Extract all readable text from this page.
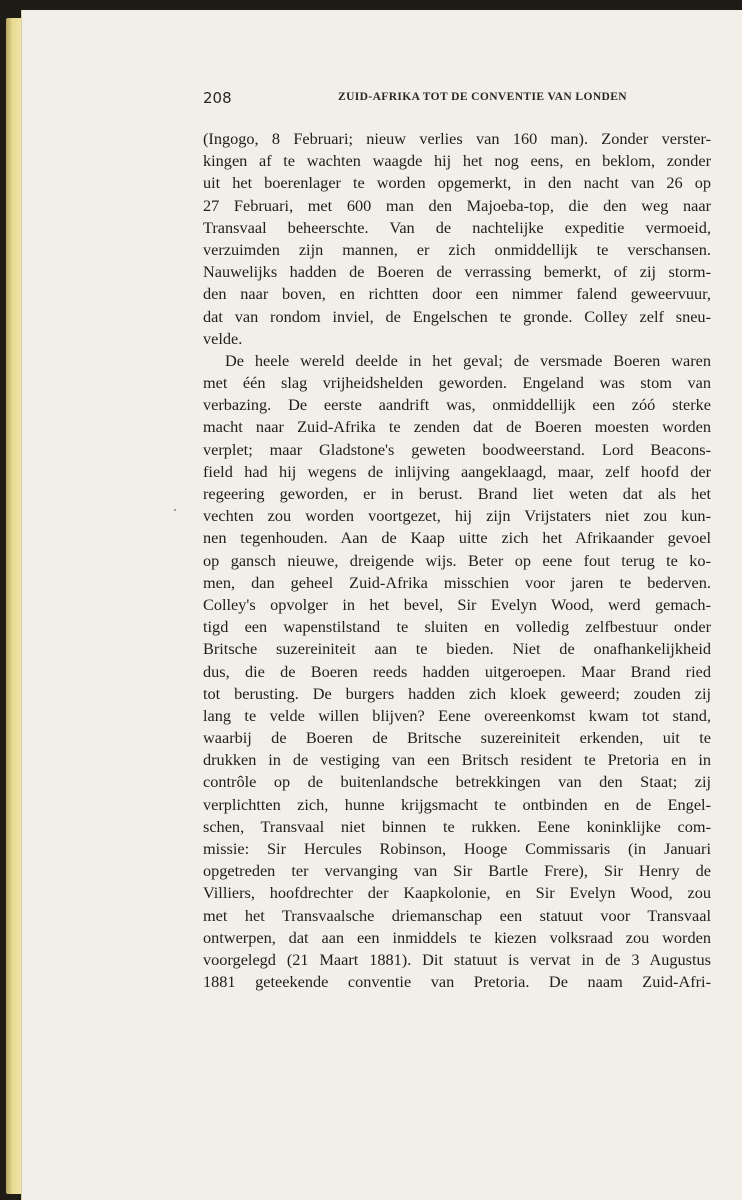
208	ZUID-AFRIKA TOT DE CONVENTIE VAN LONDEN
(Ingogo, 8 Februari; nieuw verlies van 160 man). Zonder verster-
kingen af te wachten waagde hij het nog eens, en beklom, zonder
uit het boerenlager te worden opgemerkt, in den nacht van 26 op
27 Februari, met 600 man den Majoeba-top, die den weg naar
Transvaal beheerschte. Van de nachtelijke expeditie vermoeid,
verzuimden zijn mannen, er zich onmiddellijk te verschansen.
Nauwelijks hadden de Boeren de verrassing bemerkt, of zij storm-
den naar boven, en richtten door een nimmer falend geweervuur,
dat van rondom inviel, de Engelschen te gronde. Colley zelf sneu-
velde.
De heele wereld deelde in het geval; de versmade Boeren waren
met één slag vrijheidshelden geworden. Engeland was stom van
verbazing. De eerste aandrift was, onmiddellijk een zóó sterke
macht naar Zuid-Afrika te zenden dat de Boeren moesten worden
verplet; maar Gladstone's geweten boodweerstand. Lord Beacons-
field had hij wegens de inlijving aangeklaagd, maar, zelf hoofd der
regeering geworden, er in berust. Brand liet weten dat als het
vechten zou worden voortgezet, hij zijn Vrijstaters niet zou kun-
nen tegenhouden. Aan de Kaap uitte zich het Afrikaander gevoel
op gansch nieuwe, dreigende wijs. Beter op eene fout terug te ko-
men, dan geheel Zuid-Afrika misschien voor jaren te bederven.
Colley's opvolger in het bevel, Sir Evelyn Wood, werd gemach-
tigd een wapenstilstand te sluiten en volledig zelfbestuur onder
Britsche suzereiniteit aan te bieden. Niet de onafhankelijkheid
dus, die de Boeren reeds hadden uitgeroepen. Maar Brand ried
tot berusting. De burgers hadden zich kloek geweerd; zouden zij
lang te velde willen blijven? Eene overeenkomst kwam tot stand,
waarbij de Boeren de Britsche suzereiniteit erkenden, uit te
drukken in de vestiging van een Britsch resident te Pretoria en in
contrôle op de buitenlandsche betrekkingen van den Staat; zij
verplichtten zich, hunne krijgsmacht te ontbinden en de Engel-
schen, Transvaal niet binnen te rukken. Eene koninklijke com-
missie: Sir Hercules Robinson, Hooge Commissaris (in Januari
opgetreden ter vervanging van Sir Bartle Frere), Sir Henry de
Villiers, hoofdrechter der Kaapkolonie, en Sir Evelyn Wood, zou
met het Transvaalsche driemanschap een statuut voor Transvaal
ontwerpen, dat aan een inmiddels te kiezen volksraad zou worden
voorgelegd (21 Maart 1881). Dit statuut is vervat in de 3 Augustus
1881 geteekende conventie van Pretoria. De naam Zuid-Afri-
